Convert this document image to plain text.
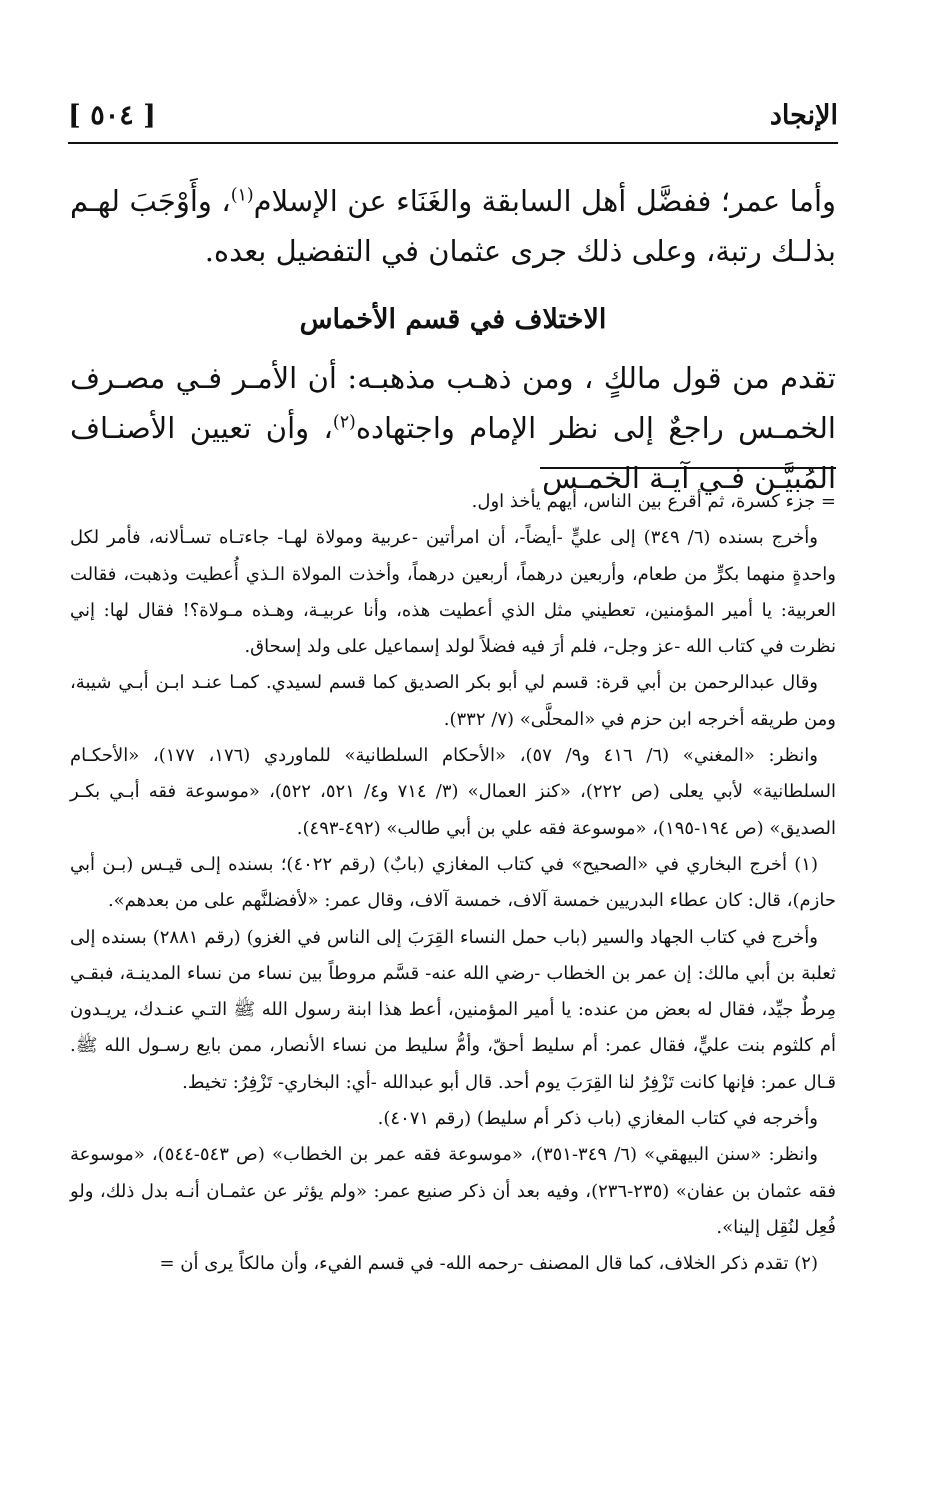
الإنجاد
[ ٥٠٤ ]
وأما عمر؛ ففضَّل أهل السابقة والغَنَاء عن الإسلام$^{(١)}$، وأَوْجَبَ لهـم بذلـك رتبة، وعلى ذلك جرى عثمان في التفضيل بعده.
الاختلاف في قسم الأخماس
تقدم من قول مالكٍ ، ومن ذهـب مذهبـه: أن الأمـر فـي مصـرف الخمـس راجعٌ إلى نظر الإمام واجتهاده$^{(٢)}$، وأن تعيين الأصنـاف المُبيَّـن فـي آيـة الخمـس

= جزء كسرة، ثم أقرع بين الناس، أيهم يأخذ اول.

وأخرج بسنده (٦/ ٣٤٩) إلى عليٍّ -أيضاً-، أن امرأتين -عربية ومولاة لهـا- جاءتـاه تسـألانه، فأمر لكل واحدةٍ منهما بكرٍّ من طعام، وأربعين درهماً، أربعين درهماً، وأخذت المولاة الـذي أُعطيت وذهبت، فقالت العربية: يا أمير المؤمنين، تعطيني مثل الذي أعطيت هذه، وأنا عربيـة، وهـذه مـولاة؟! فقال لها: إني نظرت في كتاب الله -عز وجل-، فلم أرَ فيه فضلاً لولد إسماعيل على ولد إسحاق.

وقال عبدالرحمن بن أبي قرة: قسم لي أبو بكر الصديق كما قسم لسيدي. كمـا عنـد ابـن أبـي شيبة، ومن طريقه أخرجه ابن حزم في «المحلَّى» (٧/ ٣٣٢).

وانظر: «المغني» (٦/ ٤١٦ و٩/ ٥٧)، «الأحكام السلطانية» للماوردي (١٧٦، ١٧٧)، «الأحكـام السلطانية» لأبي يعلى (ص ٢٢٢)، «كنز العمال» (٣/ ٧١٤ و٤/ ٥٢١، ٥٢٢)، «موسوعة فقه أبـي بكـر الصديق» (ص ١٩٤-١٩٥)، «موسوعة فقه علي بن أبي طالب» (٤٩٢-٤٩٣).

(١) أخرج البخاري في «الصحيح» في كتاب المغازي (بابٌ) (رقم ٤٠٢٢)؛ بسنده إلـى قيـس (بـن أبي حازم)، قال: كان عطاء البدريين خمسة آلاف، خمسة آلاف، وقال عمر: «لأفضلنَّهم على من بعدهم».

وأخرج في كتاب الجهاد والسير (باب حمل النساء القِرَبَ إلى الناس في الغزو) (رقم ٢٨٨١) بسنده إلى ثعلبة بن أبي مالك: إن عمر بن الخطاب -رضي الله عنه- قسَّم مروطاً بين نساء من نساء المدينـة، فبقـي مِرطٌ جيِّد، فقال له بعض من عنده: يا أمير المؤمنين، أعط هذا ابنة رسول الله ﷺ التـي عنـدك، يريـدون أم كلثوم بنت عليٍّ، فقال عمر: أم سليط أحقّ، وأمُّ سليط من نساء الأنصار، ممن بايع رسـول الله ﷺ. قـال عمر: فإنها كانت تَزْفِرُ لنا القِرَبَ يوم أحد. قال أبو عبدالله -أي: البخاري- تَزْفِرُ: تخيط.

وأخرجه في كتاب المغازي (باب ذكر أم سليط) (رقم ٤٠٧١).

وانظر: «سنن البيهقي» (٦/ ٣٤٩-٣٥١)، «موسوعة فقه عمر بن الخطاب» (ص ٥٤٣-٥٤٤)، «موسوعة فقه عثمان بن عفان» (٢٣٥-٢٣٦)، وفيه بعد أن ذكر صنيع عمر: «ولم يؤثر عن عثمـان أنـه بدل ذلك، ولو فُعِل لنُقِل إلينا».

(٢) تقدم ذكر الخلاف، كما قال المصنف -رحمه الله- في قسم الفيء، وأن مالكاً يرى أن =
